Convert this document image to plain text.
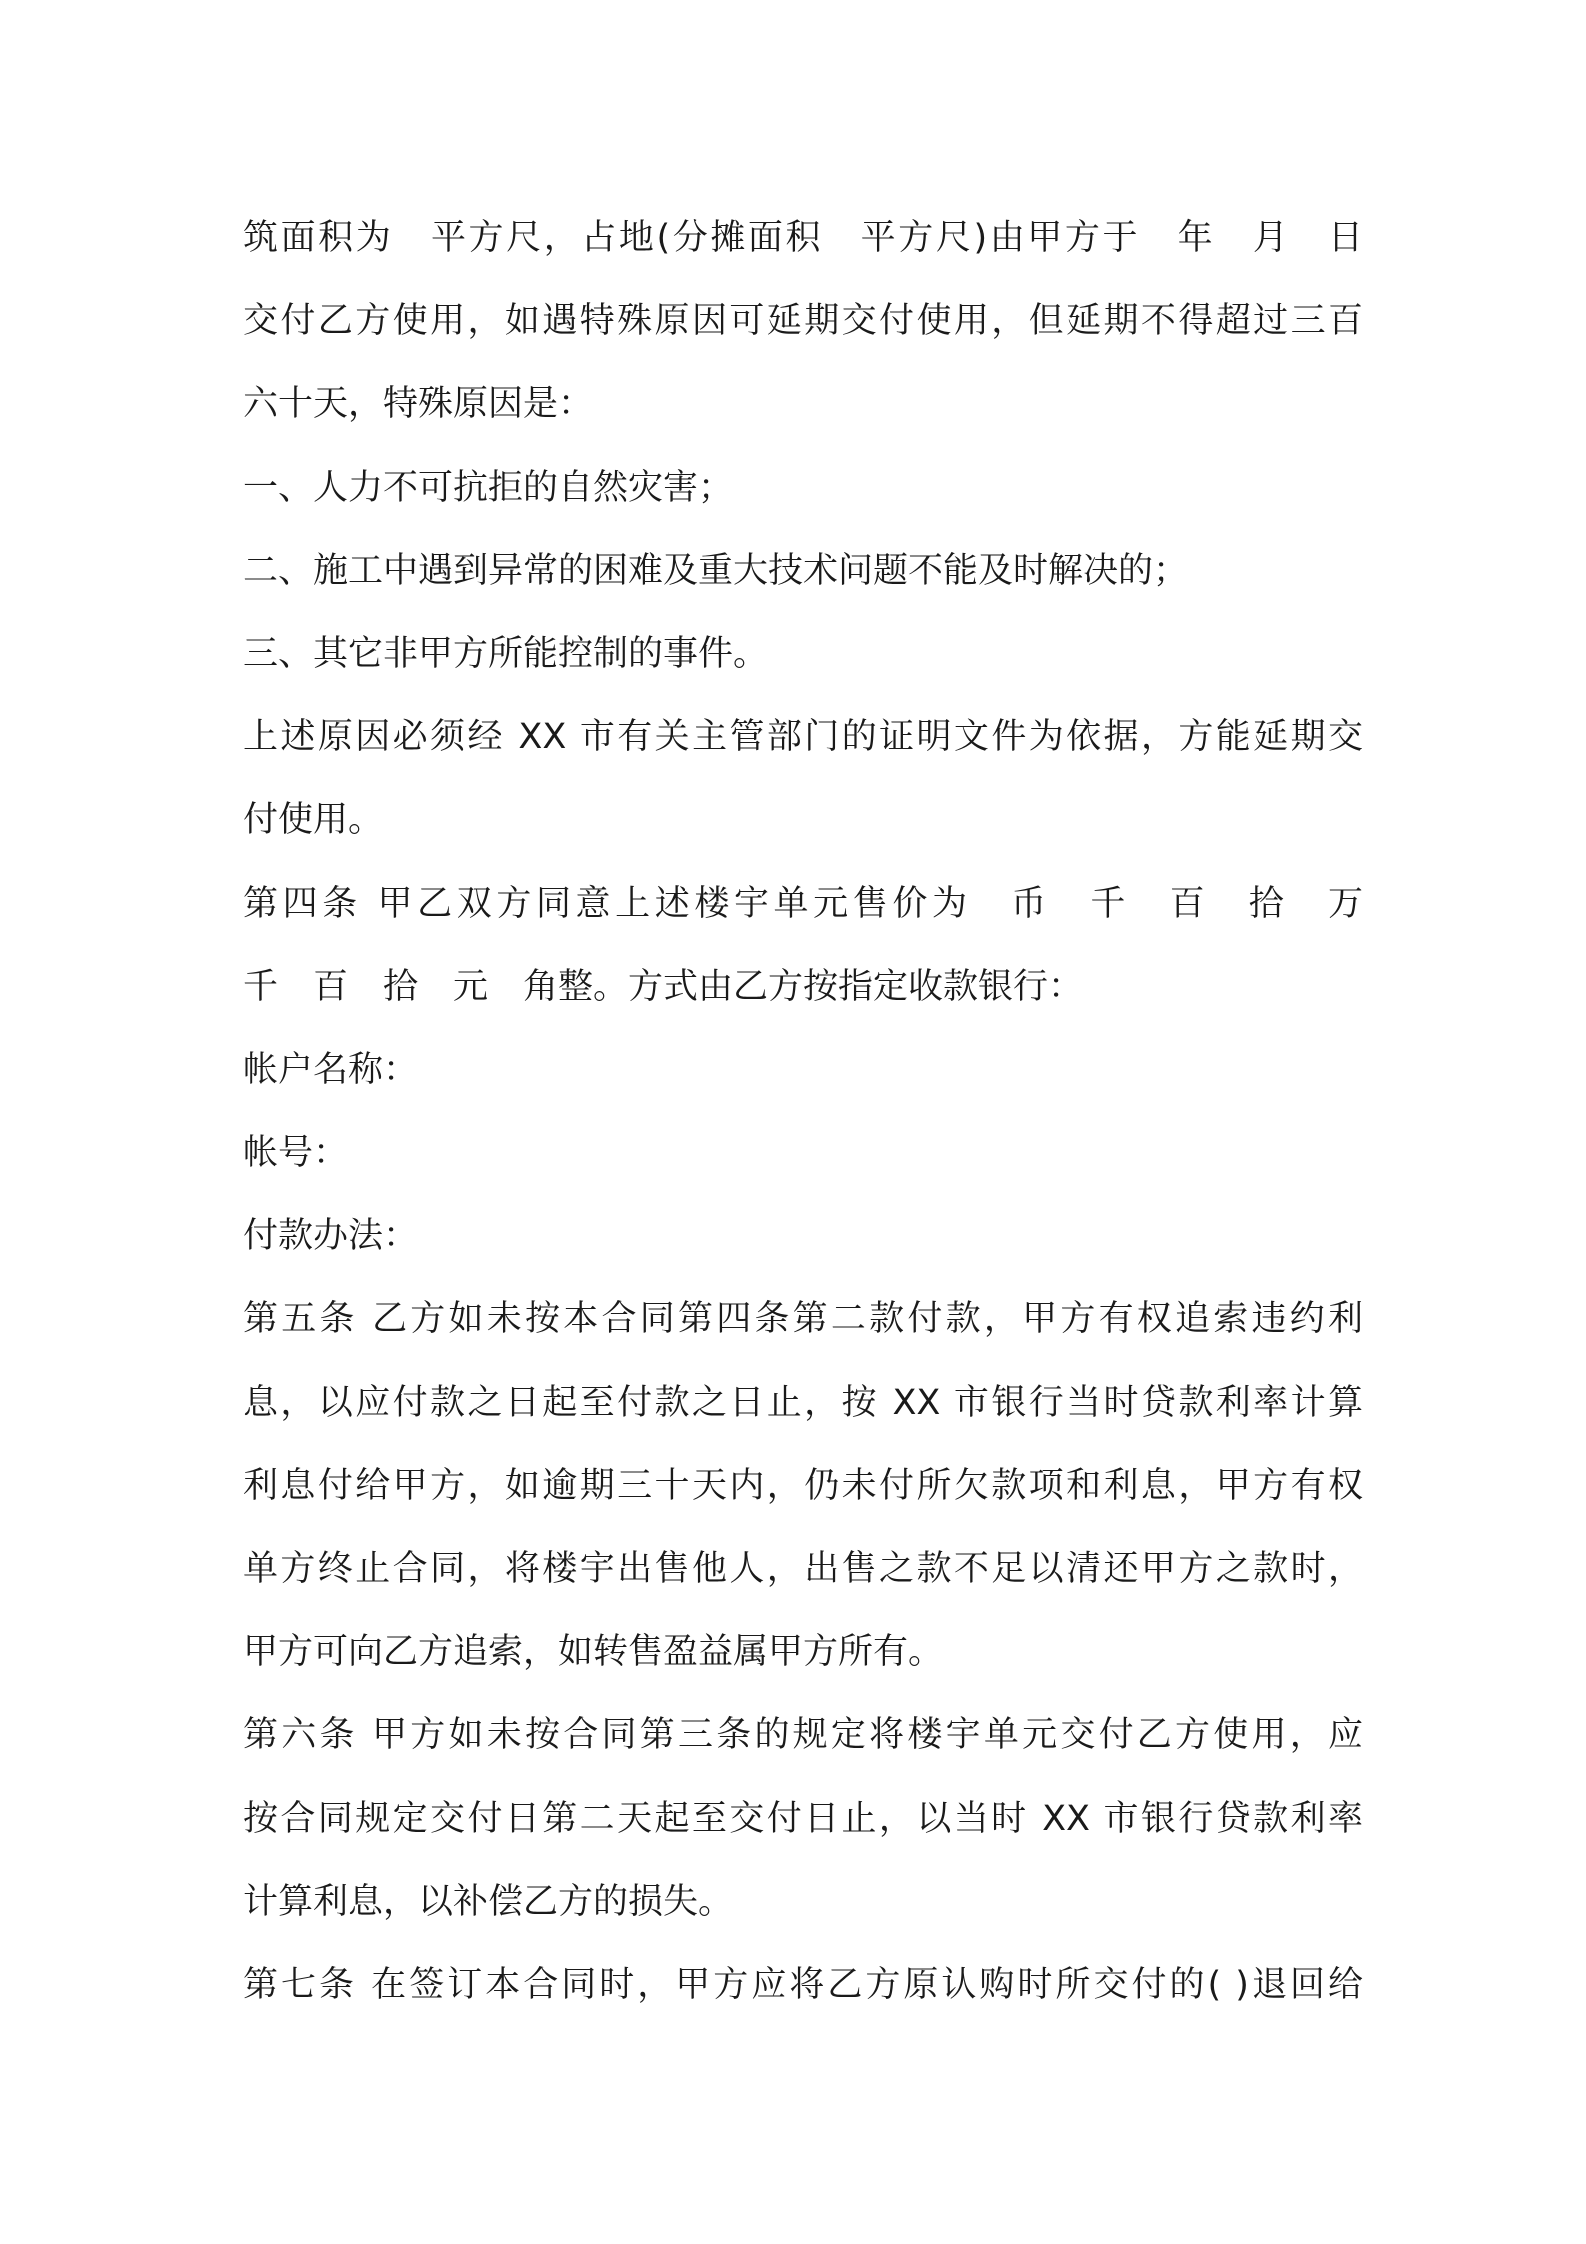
筑面积为　平方尺，占地(分摊面积　平方尺)由甲方于　年　月　日
交付乙方使用，如遇特殊原因可延期交付使用，但延期不得超过三百
六十天，特殊原因是：
一、人力不可抗拒的自然灾害；
二、施工中遇到异常的困难及重大技术问题不能及时解决的；
三、其它非甲方所能控制的事件。
上述原因必须经 XX 市有关主管部门的证明文件为依据，方能延期交
付使用。
第四条 甲乙双方同意上述楼宇单元售价为　币　千　百　拾　万
千　百　拾　元　角整。方式由乙方按指定收款银行：
帐户名称：
帐号：
付款办法：
第五条 乙方如未按本合同第四条第二款付款，甲方有权追索违约利
息，以应付款之日起至付款之日止，按 XX 市银行当时贷款利率计算
利息付给甲方，如逾期三十天内，仍未付所欠款项和利息，甲方有权
单方终止合同，将楼宇出售他人，出售之款不足以清还甲方之款时，
甲方可向乙方追索，如转售盈益属甲方所有。
第六条 甲方如未按合同第三条的规定将楼宇单元交付乙方使用，应
按合同规定交付日第二天起至交付日止，以当时 XX 市银行贷款利率
计算利息，以补偿乙方的损失。
第七条 在签订本合同时，甲方应将乙方原认购时所交付的( )退回给
